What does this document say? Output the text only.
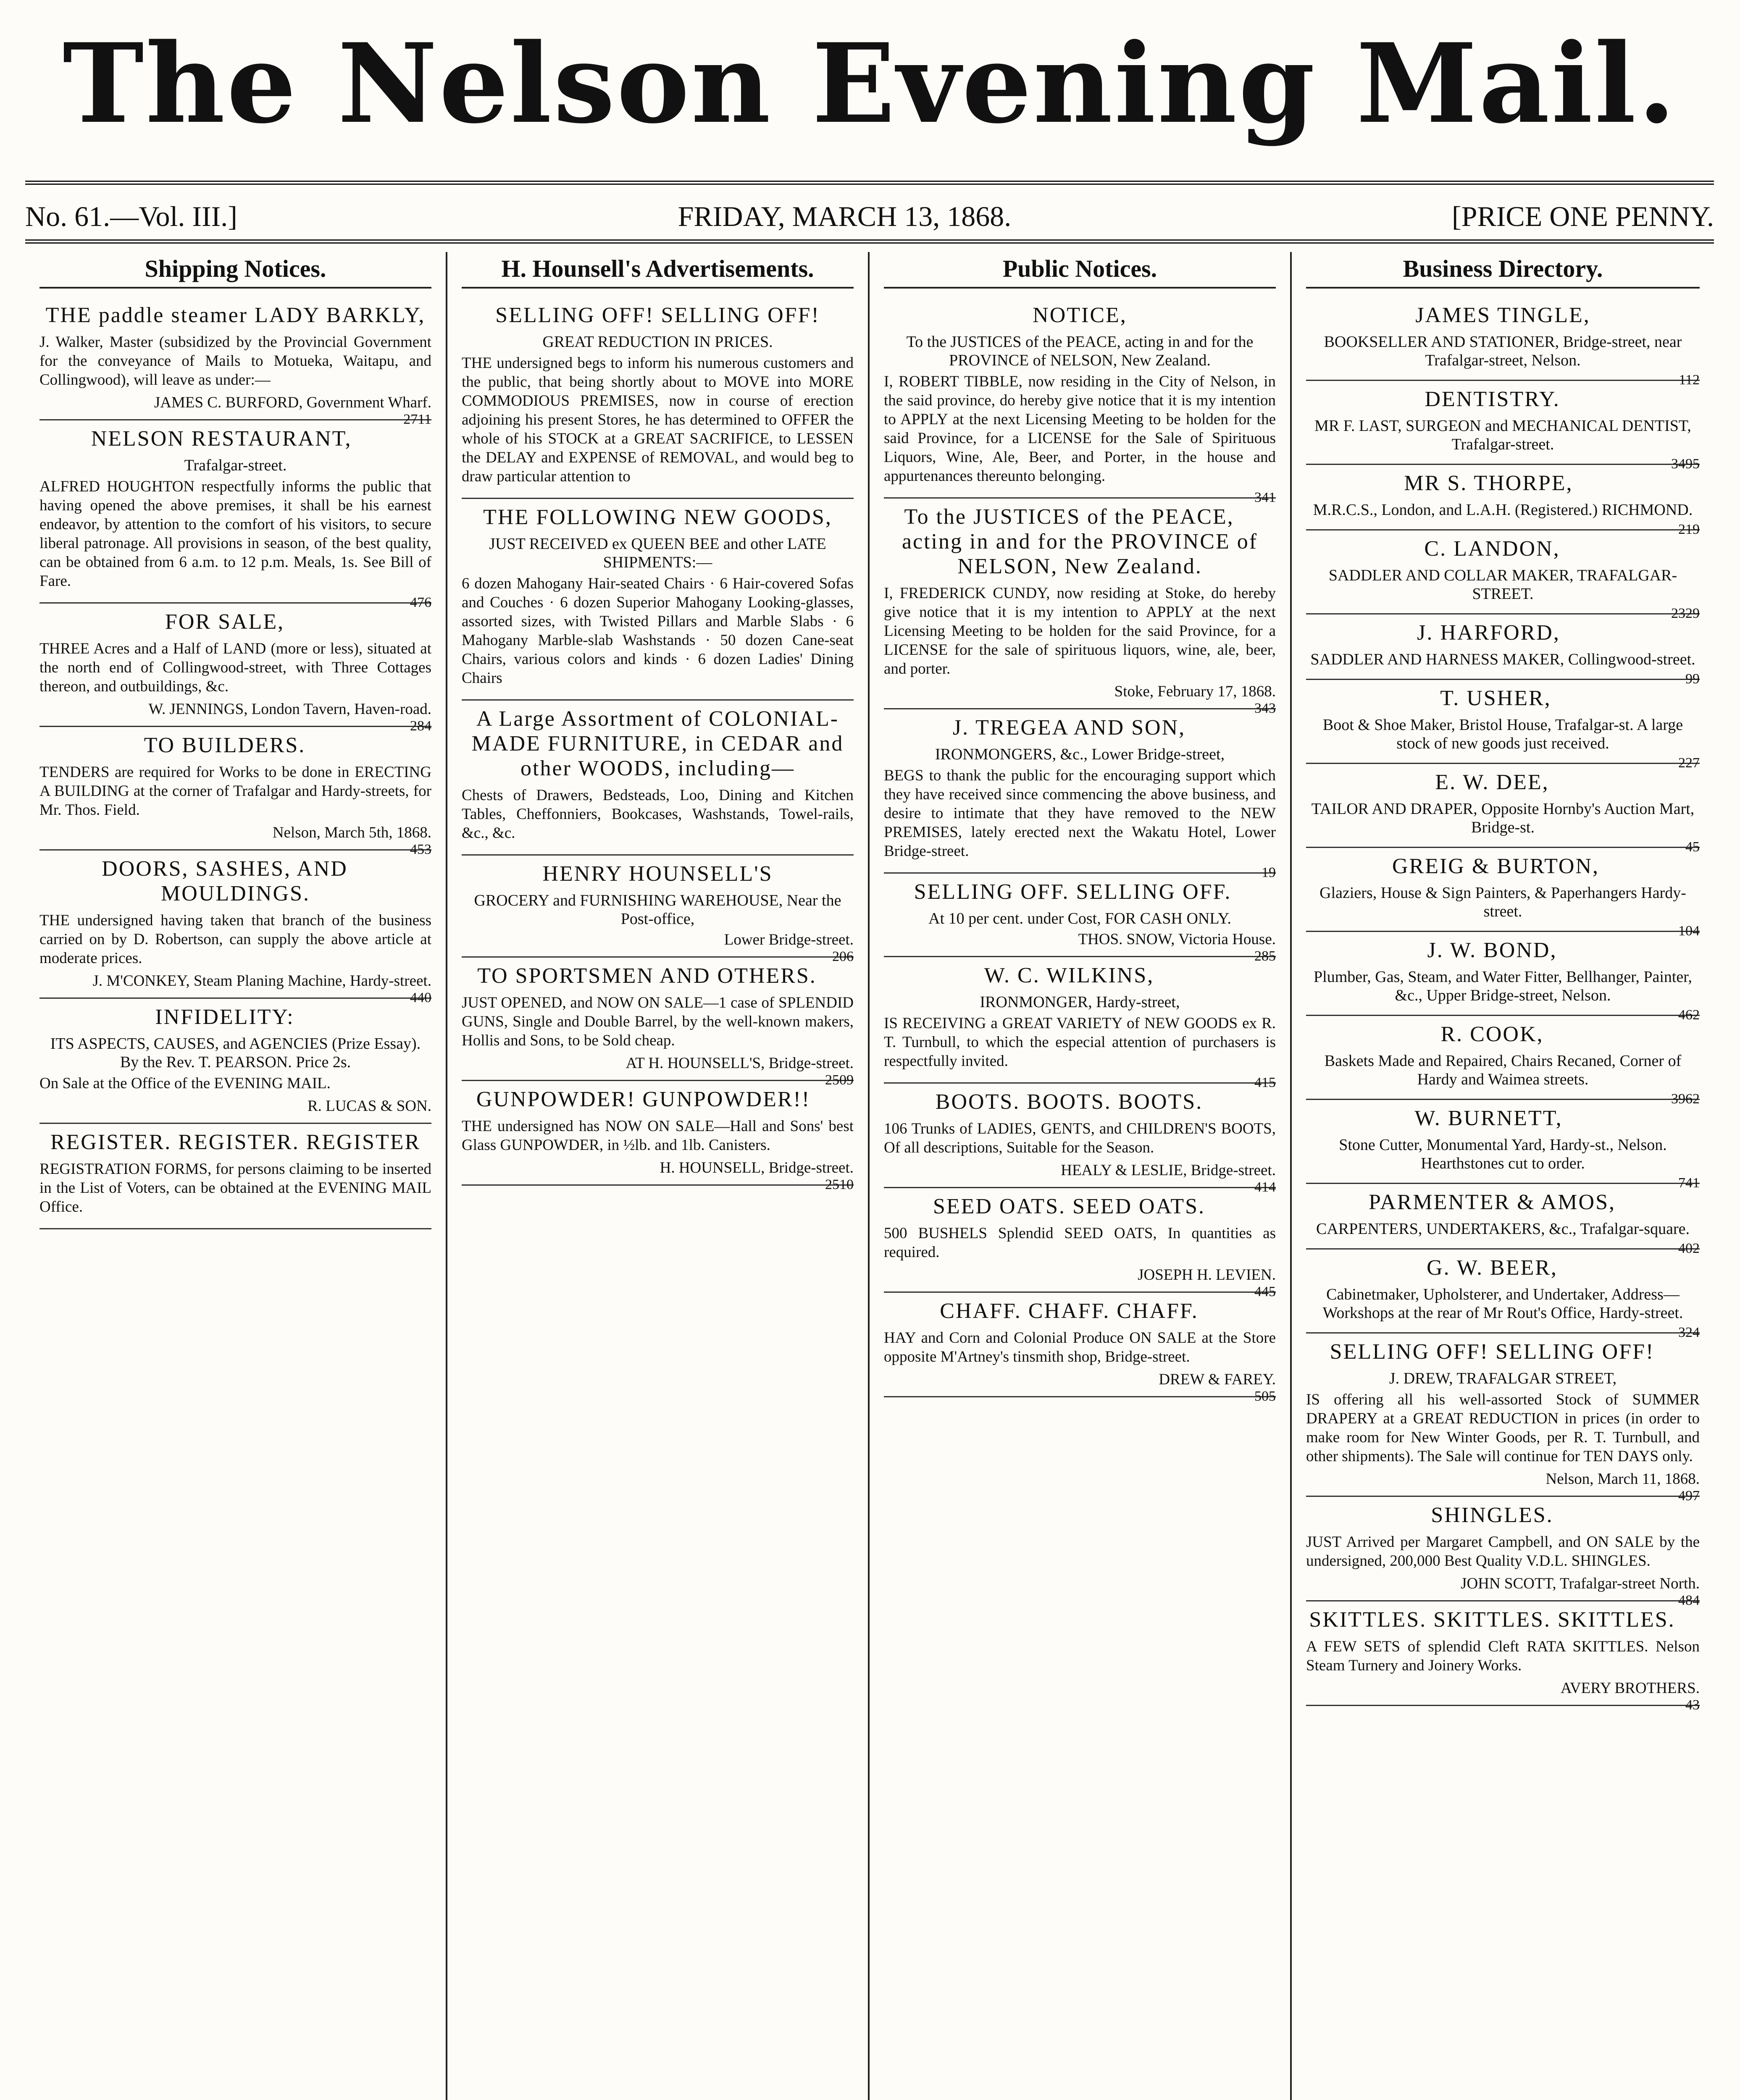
The Nelson Evening Mail.
No. 61.—Vol. III.]	FRIDAY, MARCH 13, 1868.	[PRICE ONE PENNY.
Shipping Notices.
THE paddle steamer LADY BARKLY,

J. Walker, Master (subsidized by the Provincial Government for the conveyance of Mails to Motueka, Waitapu, and Collingwood), will leave as under:—

JAMES C. BURFORD, Government Wharf.
2711
NELSON RESTAURANT,
Trafalgar-street.

ALFRED HOUGHTON respectfully informs the public that having opened the above premises, it shall be his earnest endeavor, by attention to the comfort of his visitors, to secure liberal patronage. All provisions in season, of the best quality, can be obtained from 6 a.m. to 12 p.m. Meals, 1s. See Bill of Fare.

476
FOR SALE,

THREE Acres and a Half of LAND (more or less), situated at the north end of Collingwood-street, with Three Cottages thereon, and outbuildings, &c.

W. JENNINGS, London Tavern, Haven-road.
284
TO BUILDERS.

TENDERS are required for Works to be done in ERECTING A BUILDING at the corner of Trafalgar and Hardy-streets, for Mr. Thos. Field.

Nelson, March 5th, 1868.
453
DOORS, SASHES, AND MOULDINGS.

THE undersigned having taken that branch of the business carried on by D. Robertson, can supply the above article at moderate prices.

J. M'CONKEY, Steam Planing Machine, Hardy-street.
440
INFIDELITY:
ITS ASPECTS, CAUSES, and AGENCIES (Prize Essay). By the Rev. T. PEARSON. Price 2s.

On Sale at the Office of the EVENING MAIL.

R. LUCAS & SON.
REGISTER. REGISTER. REGISTER

REGISTRATION FORMS, for persons claiming to be inserted in the List of Voters, can be obtained at the EVENING MAIL Office.

H. Hounsell's Advertisements.
SELLING OFF! SELLING OFF!
GREAT REDUCTION IN PRICES.

THE undersigned begs to inform his numerous customers and the public, that being shortly about to MOVE into MORE COMMODIOUS PREMISES, now in course of erection adjoining his present Stores, he has determined to OFFER the whole of his STOCK at a GREAT SACRIFICE, to LESSEN the DELAY and EXPENSE of REMOVAL, and would beg to draw particular attention to

THE FOLLOWING NEW GOODS,
JUST RECEIVED ex QUEEN BEE and other LATE SHIPMENTS:—

6 dozen Mahogany Hair-seated Chairs · 6 Hair-covered Sofas and Couches · 6 dozen Superior Mahogany Looking-glasses, assorted sizes, with Twisted Pillars and Marble Slabs · 6 Mahogany Marble-slab Washstands · 50 dozen Cane-seat Chairs, various colors and kinds · 6 dozen Ladies' Dining Chairs

A Large Assortment of COLONIAL-MADE FURNITURE, in CEDAR and other WOODS, including—

Chests of Drawers, Bedsteads, Loo, Dining and Kitchen Tables, Cheffonniers, Bookcases, Washstands, Towel-rails, &c., &c.

HENRY HOUNSELL'S
GROCERY and FURNISHING WAREHOUSE, Near the Post-office,
Lower Bridge-street.
206
TO SPORTSMEN AND OTHERS.

JUST OPENED, and NOW ON SALE—1 case of SPLENDID GUNS, Single and Double Barrel, by the well-known makers, Hollis and Sons, to be Sold cheap.

AT H. HOUNSELL'S, Bridge-street.
2509
GUNPOWDER! GUNPOWDER!!

THE undersigned has NOW ON SALE—Hall and Sons' best Glass GUNPOWDER, in ½lb. and 1lb. Canisters.

H. HOUNSELL, Bridge-street.
2510
Public Notices.
NOTICE,
To the JUSTICES of the PEACE, acting in and for the PROVINCE of NELSON, New Zealand.

I, ROBERT TIBBLE, now residing in the City of Nelson, in the said province, do hereby give notice that it is my intention to APPLY at the next Licensing Meeting to be holden for the said Province, for a LICENSE for the Sale of Spirituous Liquors, Wine, Ale, Beer, and Porter, in the house and appurtenances thereunto belonging.

341
To the JUSTICES of the PEACE, acting in and for the PROVINCE of NELSON, New Zealand.

I, FREDERICK CUNDY, now residing at Stoke, do hereby give notice that it is my intention to APPLY at the next Licensing Meeting to be holden for the said Province, for a LICENSE for the sale of spirituous liquors, wine, ale, beer, and porter.

Stoke, February 17, 1868.
343
J. TREGEA AND SON,
IRONMONGERS, &c., Lower Bridge-street,

BEGS to thank the public for the encouraging support which they have received since commencing the above business, and desire to intimate that they have removed to the NEW PREMISES, lately erected next the Wakatu Hotel, Lower Bridge-street.

19
SELLING OFF. SELLING OFF.
At 10 per cent. under Cost, FOR CASH ONLY.
THOS. SNOW, Victoria House.
285
W. C. WILKINS,
IRONMONGER, Hardy-street,

IS RECEIVING a GREAT VARIETY of NEW GOODS ex R. T. Turnbull, to which the especial attention of purchasers is respectfully invited.

415
BOOTS. BOOTS. BOOTS.

106 Trunks of LADIES, GENTS, and CHILDREN'S BOOTS, Of all descriptions, Suitable for the Season.

HEALY & LESLIE, Bridge-street.
414
SEED OATS. SEED OATS.

500 BUSHELS Splendid SEED OATS, In quantities as required.

JOSEPH H. LEVIEN.
445
CHAFF. CHAFF. CHAFF.

HAY and Corn and Colonial Produce ON SALE at the Store opposite M'Artney's tinsmith shop, Bridge-street.

DREW & FAREY.
505
Business Directory.
JAMES TINGLE,
BOOKSELLER AND STATIONER, Bridge-street, near Trafalgar-street, Nelson.
112
DENTISTRY.
MR F. LAST, SURGEON and MECHANICAL DENTIST, Trafalgar-street.
3495
MR S. THORPE,
M.R.C.S., London, and L.A.H. (Registered.) RICHMOND.
219
C. LANDON,
SADDLER AND COLLAR MAKER, TRAFALGAR-STREET.
2329
J. HARFORD,
SADDLER AND HARNESS MAKER, Collingwood-street.
99
T. USHER,
Boot & Shoe Maker, Bristol House, Trafalgar-st. A large stock of new goods just received.
227
E. W. DEE,
TAILOR AND DRAPER, Opposite Hornby's Auction Mart, Bridge-st.
45
GREIG & BURTON,
Glaziers, House & Sign Painters, & Paperhangers Hardy-street.
104
J. W. BOND,
Plumber, Gas, Steam, and Water Fitter, Bellhanger, Painter, &c., Upper Bridge-street, Nelson.
462
R. COOK,
Baskets Made and Repaired, Chairs Recaned, Corner of Hardy and Waimea streets.
3962
W. BURNETT,
Stone Cutter, Monumental Yard, Hardy-st., Nelson. Hearthstones cut to order.
741
PARMENTER & AMOS,
CARPENTERS, UNDERTAKERS, &c., Trafalgar-square.
402
G. W. BEER,
Cabinetmaker, Upholsterer, and Undertaker, Address—Workshops at the rear of Mr Rout's Office, Hardy-street.
324
SELLING OFF! SELLING OFF!
J. DREW, TRAFALGAR STREET,

IS offering all his well-assorted Stock of SUMMER DRAPERY at a GREAT REDUCTION in prices (in order to make room for New Winter Goods, per R. T. Turnbull, and other shipments). The Sale will continue for TEN DAYS only.

Nelson, March 11, 1868.
497
SHINGLES.

JUST Arrived per Margaret Campbell, and ON SALE by the undersigned, 200,000 Best Quality V.D.L. SHINGLES.

JOHN SCOTT, Trafalgar-street North.
484
SKITTLES. SKITTLES. SKITTLES.

A FEW SETS of splendid Cleft RATA SKITTLES. Nelson Steam Turnery and Joinery Works.

AVERY BROTHERS.
43
